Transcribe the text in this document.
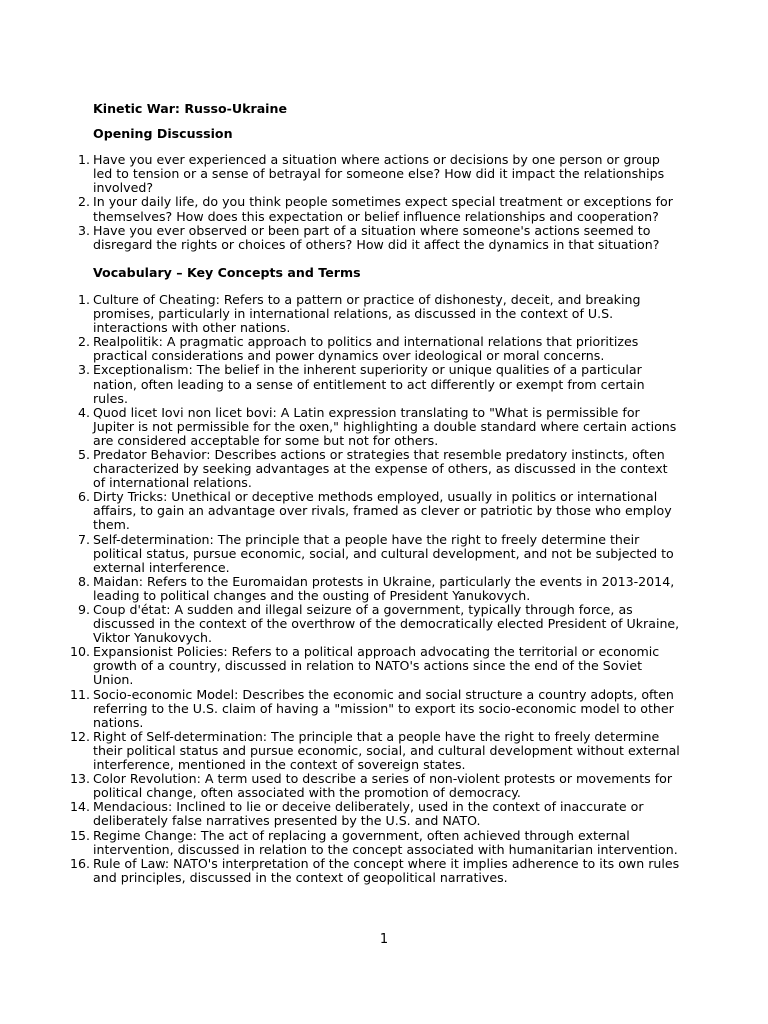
Kinetic War: Russo-Ukraine

Opening Discussion

1. Have you ever experienced a situation where actions or decisions by one person or group led to tension or a sense of betrayal for someone else? How did it impact the relationships involved?
2. In your daily life, do you think people sometimes expect special treatment or exceptions for themselves? How does this expectation or belief influence relationships and cooperation?
3. Have you ever observed or been part of a situation where someone's actions seemed to disregard the rights or choices of others? How did it affect the dynamics in that situation?

Vocabulary – Key Concepts and Terms

1. Culture of Cheating: Refers to a pattern or practice of dishonesty, deceit, and breaking promises, particularly in international relations, as discussed in the context of U.S. interactions with other nations.
2. Realpolitik: A pragmatic approach to politics and international relations that prioritizes practical considerations and power dynamics over ideological or moral concerns.
3. Exceptionalism: The belief in the inherent superiority or unique qualities of a particular nation, often leading to a sense of entitlement to act differently or exempt from certain rules.
4. Quod licet Iovi non licet bovi: A Latin expression translating to "What is permissible for Jupiter is not permissible for the oxen," highlighting a double standard where certain actions are considered acceptable for some but not for others.
5. Predator Behavior: Describes actions or strategies that resemble predatory instincts, often characterized by seeking advantages at the expense of others, as discussed in the context of international relations.
6. Dirty Tricks: Unethical or deceptive methods employed, usually in politics or international affairs, to gain an advantage over rivals, framed as clever or patriotic by those who employ them.
7. Self-determination: The principle that a people have the right to freely determine their political status, pursue economic, social, and cultural development, and not be subjected to external interference.
8. Maidan: Refers to the Euromaidan protests in Ukraine, particularly the events in 2013-2014, leading to political changes and the ousting of President Yanukovych.
9. Coup d'état: A sudden and illegal seizure of a government, typically through force, as discussed in the context of the overthrow of the democratically elected President of Ukraine, Viktor Yanukovych.
10. Expansionist Policies: Refers to a political approach advocating the territorial or economic growth of a country, discussed in relation to NATO's actions since the end of the Soviet Union.
11. Socio-economic Model: Describes the economic and social structure a country adopts, often referring to the U.S. claim of having a "mission" to export its socio-economic model to other nations.
12. Right of Self-determination: The principle that a people have the right to freely determine their political status and pursue economic, social, and cultural development without external interference, mentioned in the context of sovereign states.
13. Color Revolution: A term used to describe a series of non-violent protests or movements for political change, often associated with the promotion of democracy.
14. Mendacious: Inclined to lie or deceive deliberately, used in the context of inaccurate or deliberately false narratives presented by the U.S. and NATO.
15. Regime Change: The act of replacing a government, often achieved through external intervention, discussed in relation to the concept associated with humanitarian intervention.
16. Rule of Law: NATO's interpretation of the concept where it implies adherence to its own rules and principles, discussed in the context of geopolitical narratives.
1
